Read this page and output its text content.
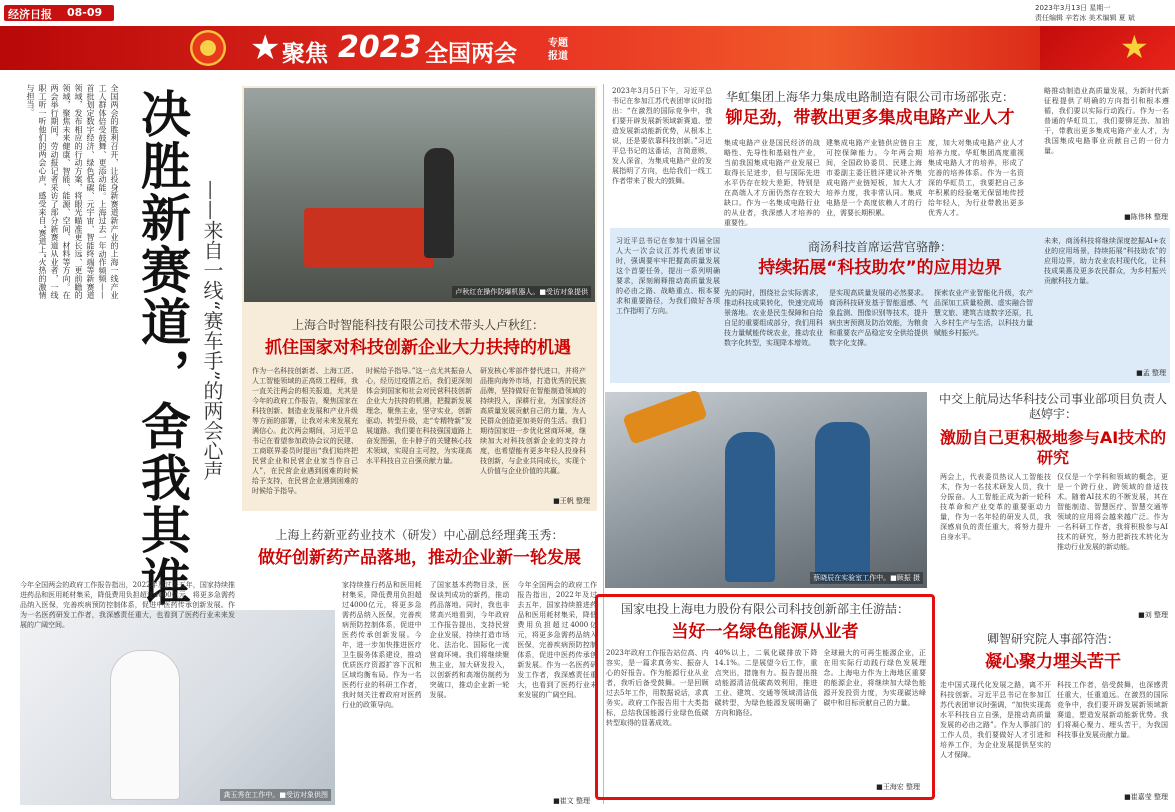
经济日报 08-09	2023年3月13日 星期一
责任编辑 辛若冰 美术编辑 夏 斌
★ 聚焦 2023 全国两会	专题
报道	★

全国两会的胜利召开，让投身新赛道新产业的上海一线产业工人群体倍受鼓舞、更添动能。上海过去一年动作频频——首批划定数字经济、绿色低碳、元宇宙、智能终端等新赛道领域，发布相应的行动方案，将眼光瞄准更长远、更前瞻的领域，聚焦未来健康、智能、能源、空间、材料等方向。在两会举行期间，劳动报记者采访了部分新赛道从业者，一线职工听一听他们的两会心声，感受来自“赛道上”火热的激情与担当。	决胜新赛道，舍我其谁 ——来自一线“赛车手”的两会心声	卢秋红在操作防爆机器人。■受访对象提供
上海合时智能科技有限公司技术带头人卢秋红：
抓住国家对科技创新企业大力扶持的机遇

作为一名科技创新者、上海工匠、人工智能领域的正高级工程师，我一直关注两会的相关报道，尤其是今年的政府工作报告，聚焦国家在科技创新、制造业发展和产业升级等方面的部署，让我对未来发展充满信心。此次两会期间，习近平总书记在看望参加政协会议的民建、工商联界委员时提出“我们始终把民营企业和民营企业家当作自己人”，在民营企业遇到困难的时候给予支持，在民营企业遇到困难的时候给予指导。

时候给予指导。”这一点尤其振奋人心，经历过疫情之后，我们更深刻体会到国家和社会对民营科技创新企业大力扶持的机遇，把握新发展理念，聚焦主业，坚守实业，创新驱动、转型升级，走“专精特新”发展道路。我们要在科技强国道路上奋发图强，在卡脖子的关键核心技术领域，实现自主可控，为实现高水平科技自立自强贡献力量。

研发核心零部件替代进口，并将产品推向海外市场，打造优秀的民族品牌，坚持做好在智能制造领域的持续投入，深耕行业，为国家经济高质量发展贡献自己的力量，为人民群众创造更加美好的生活。我们期待国家进一步优化营商环境，继续加大对科技创新企业的支持力度，也希望能有更多年轻人投身科技创新，与企业共同成长，实现个人价值与企业价值的共赢。

■王帆 整理
上海上药新亚药业技术（研发）中心副总经理龚玉秀：
做好创新药产品落地，推动企业新一轮发展
龚玉秀在工作中。■受访对象供图

今年全国两会的政府工作报告指出，2022年及过去五年，国家持续推进药品和医用耗材集采，降低费用负担超过4000亿元，将更多急需药品纳入医保，完善疾病预防控制体系，促进中医药传承创新发展。作为一名医药研发工作者，我深感责任重大，也看到了医药行业未来发展的广阔空间。

家持续推行药品和医用耗材集采，降低费用负担超过4000亿元，将更多急需药品纳入医保，完善疾病预防控制体系，促进中医药传承创新发展。今年，进一步加快推进医疗卫生服务体系建设，推动优质医疗资源扩容下沉和区域均衡布局。作为一名医药行业的科研工作者，我时刻关注着政府对医药行业的政策导向。

了国家基本药物目录，医保谈判成功的新药，推动药品落地。同时，我也非常高兴地看到，今年政府工作报告提出，支持民营企业发展，持续打造市场化、法治化、国际化一流营商环境。我们将继续聚焦主业，加大研发投入，以创新药和高端仿制药为突破口，推动企业新一轮发展。

今年全国两会的政府工作报告指出，2022年及过去五年，国家持续推进药品和医用耗材集采，降低费用负担超过4000亿元，将更多急需药品纳入医保，完善疾病预防控制体系，促进中医药传承创新发展。作为一名医药研发工作者，我深感责任重大，也看到了医药行业未来发展的广阔空间。

■崔文 整理

2023年3月5日下午，习近平总书记在参加江苏代表团审议时指出：“在激烈的国际竞争中，我们要开辟发展新领域新赛道、塑造发展新动能新优势，从根本上说，还是要依靠科技创新。”习近平总书记的这番话，言简意赅，发人深省，为集成电路产业的发展指明了方向，也给我们一线工作者带来了极大的鼓舞。

华虹集团上海华力集成电路制造有限公司市场部张克：
铆足劲，带教出更多集成电路产业人才

集成电路产业是国民经济的战略性、先导性和基础性产业，当前我国集成电路产业发展已取得长足进步，但与国际先进水平仍存在较大差距，特别是在高端人才方面仍然存在较大缺口。作为一名集成电路行业的从业者，我深感人才培养的重要性。

建集成电路产业链供应链自主可控保障能力。今年两会期间，全国政协委员、民建上海市委副主委汪胜洋建议补齐集成电路产业链短板，加大人才培养力度，我非常认同。集成电路是一个高度依赖人才的行业，需要长期积累。

度，加大对集成电路产业人才培养力度。华虹集团高度重视集成电路人才的培养，形成了完善的培养体系。作为一名资深的华虹员工，我要把自己多年积累的经验毫无保留地传授给年轻人，为行业带教出更多优秀人才。

略推动制造业高质量发展，为新时代新征程提供了明确的方向指引和根本遵循，我们要以实际行动践行。作为一名普通的华虹员工，我们要铆足劲、加油干，带教出更多集成电路产业人才，为我国集成电路事业贡献自己的一份力量。

■陈伟林 整理

习近平总书记在参加十四届全国人大一次会议江苏代表团审议时，强调要牢牢把握高质量发展这个首要任务，提出一系列明确要求，深刻阐释推动高质量发展的必由之路、战略重点、根本要求和重要路径，为我们做好各项工作指明了方向。

商汤科技首席运营官骆静：
持续拓展“科技助农”的应用边界

先的同时，围绕社会实际需求，推动科技成果转化，快速完成场景落地。农业是民生保障和自给自足的重要组成部分，我们用科技力量赋能传统农业，推动农业数字化转型，实现降本增效。

是实现高质量发展的必然要求。商汤科技研发基于智能遥感、气象监测、图像识别等技术，提升病虫害预测及防治效能，为粮食和重要农产品稳定安全供给提供数字化支撑。

探索农业产业智能化升级，农产品深加工质量检测、虚实融合智慧文旅、建筑古迹数字还原，扎入乡村生产与生活，以科技力量赋能乡村振兴。

未来，商汤科技将继续深度挖掘AI+农业的应用场景，持续拓展“科技助农”的应用边界，助力农业农村现代化，让科技成果惠及更多农民群众，为乡村振兴贡献科技力量。

■孟 整理
蔡晓辰在实验室工作中。■顾振 摄
国家电投上海电力股份有限公司科技创新部主任游喆：
当好一名绿色能源从业者

2023年政府工作报告站位高、内容实，是一篇求真务实、振奋人心的好报告。作为能源行业从业者，我听后备受鼓舞。一是回顾过去5年工作，用数据说话，求真务实。政府工作报告用十大类指标，总结我国能源行业绿色低碳转型取得的显著成效。

40%以上，二氧化碳排放下降14.1%。二是展望今后工作，重点突出，措施有力。报告提出推动能源清洁低碳高效利用，推进工业、建筑、交通等领域清洁低碳转型，为绿色能源发展明确了方向和路径。

全球最大的可再生能源企业，正在用实际行动践行绿色发展理念。上海电力作为上海地区重要的能源企业，将继续加大绿色能源开发投资力度，为实现碳达峰碳中和目标贡献自己的力量。

■王海宏 整理
中交上航局达华科技公司事业部项目负责人赵婷宇：
激励自己更积极地参与AI技术的研究

两会上，代表委员热议人工智能技术，作为一名技术研发人员，我十分振奋。人工智能正成为新一轮科技革命和产业变革的重要驱动力量，作为一名年轻的研发人员，我深感肩负的责任重大，将努力提升自身水平。

仅仅是一个学科和领域的概念，更是一个跨行业、跨领域的普适技术。随着AI技术的不断发展，其在智能制造、智慧医疗、智慧交通等领域的应用将会越来越广泛。作为一名科研工作者，我将积极参与AI技术的研究，努力把新技术转化为推动行业发展的新动能。

■刘 整理
卿智研究院人事部符浩：
凝心聚力埋头苦干

走中国式现代化发展之路，离不开科技创新。习近平总书记在参加江苏代表团审议时强调，“加快实现高水平科技自立自强，是推动高质量发展的必由之路”。作为人事部门的工作人员，我们要做好人才引进和培养工作，为企业发展提供坚实的人才保障。

科技工作者，倍受鼓舞，也深感责任重大，任重道远。在激烈的国际竞争中，我们要开辟发展新领域新赛道，塑造发展新动能新优势。我们将凝心聚力、埋头苦干，为我国科技事业发展贡献力量。

■崔嘉莹 整理
